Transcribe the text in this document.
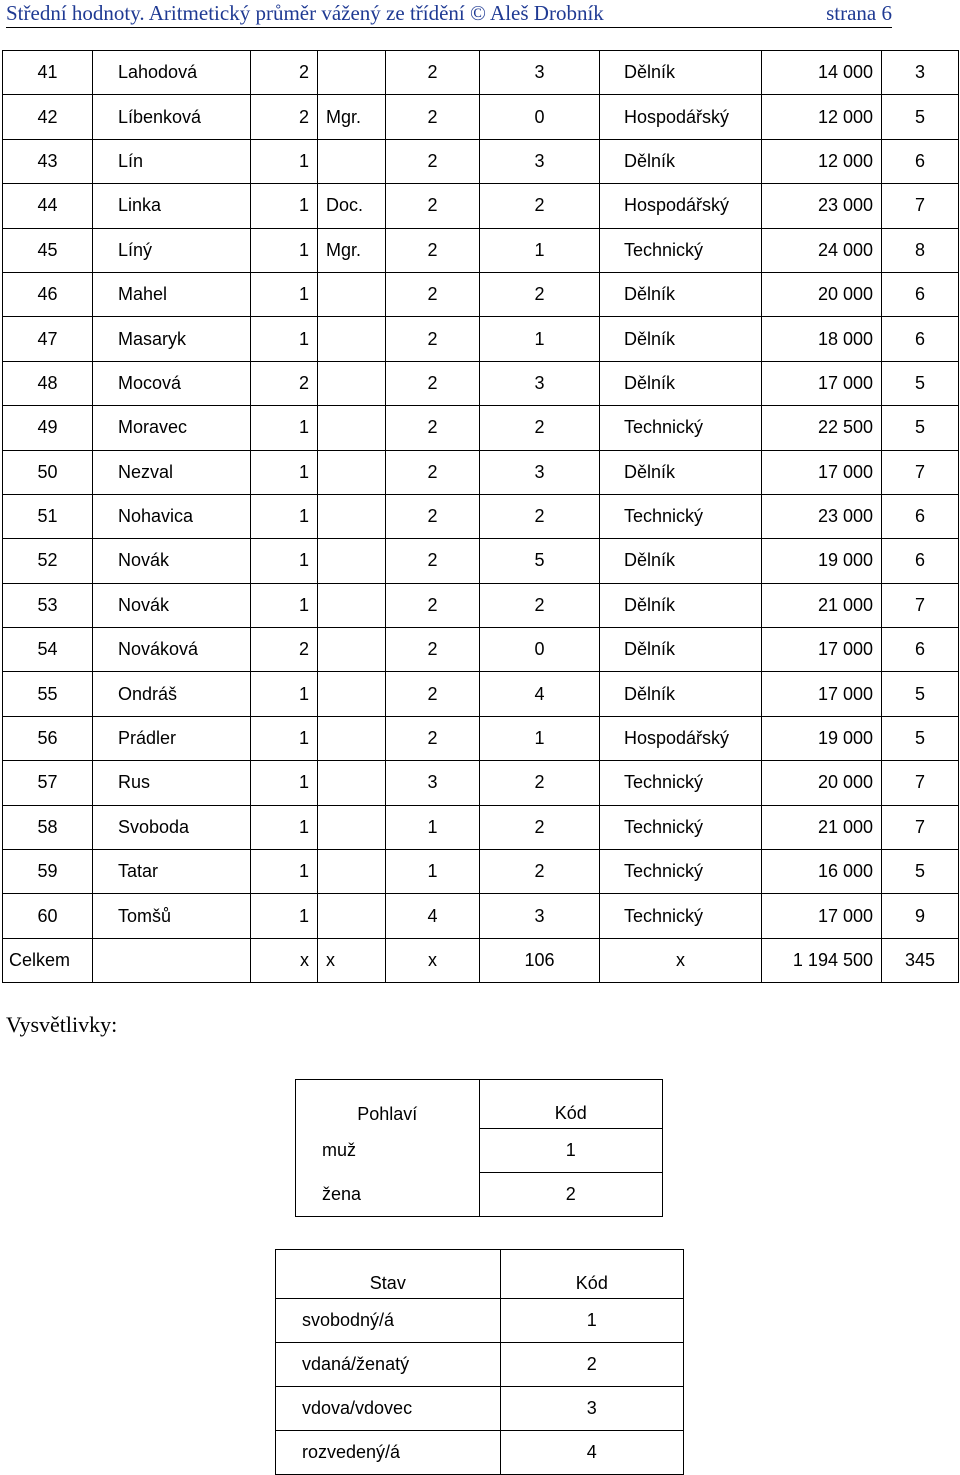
Střední hodnoty. Aritmetický průměr vážený ze třídění © Aleš Drobník	strana 6
41	Lahodová	2		2	3	Dělník	14 000	3
42	Líbenková	2	Mgr.	2	0	Hospodářský	12 000	5
43	Lín	1		2	3	Dělník	12 000	6
44	Linka	1	Doc.	2	2	Hospodářský	23 000	7
45	Líný	1	Mgr.	2	1	Technický	24 000	8
46	Mahel	1		2	2	Dělník	20 000	6
47	Masaryk	1		2	1	Dělník	18 000	6
48	Mocová	2		2	3	Dělník	17 000	5
49	Moravec	1		2	2	Technický	22 500	5
50	Nezval	1		2	3	Dělník	17 000	7
51	Nohavica	1		2	2	Technický	23 000	6
52	Novák	1		2	5	Dělník	19 000	6
53	Novák	1		2	2	Dělník	21 000	7
54	Nováková	2		2	0	Dělník	17 000	6
55	Ondráš	1		2	4	Dělník	17 000	5
56	Prádler	1		2	1	Hospodářský	19 000	5
57	Rus	1		3	2	Technický	20 000	7
58	Svoboda	1		1	2	Technický	21 000	7
59	Tatar	1		1	2	Technický	16 000	5
60	Tomšů	1		4	3	Technický	17 000	9
Celkem		x	x	x	106	x	1 194 500	345
Vysvětlivky:
Pohlaví	Kód
muž	1
žena	2
Stav	Kód
svobodný/á	1
vdaná/ženatý	2
vdova/vdovec	3
rozvedený/á	4
